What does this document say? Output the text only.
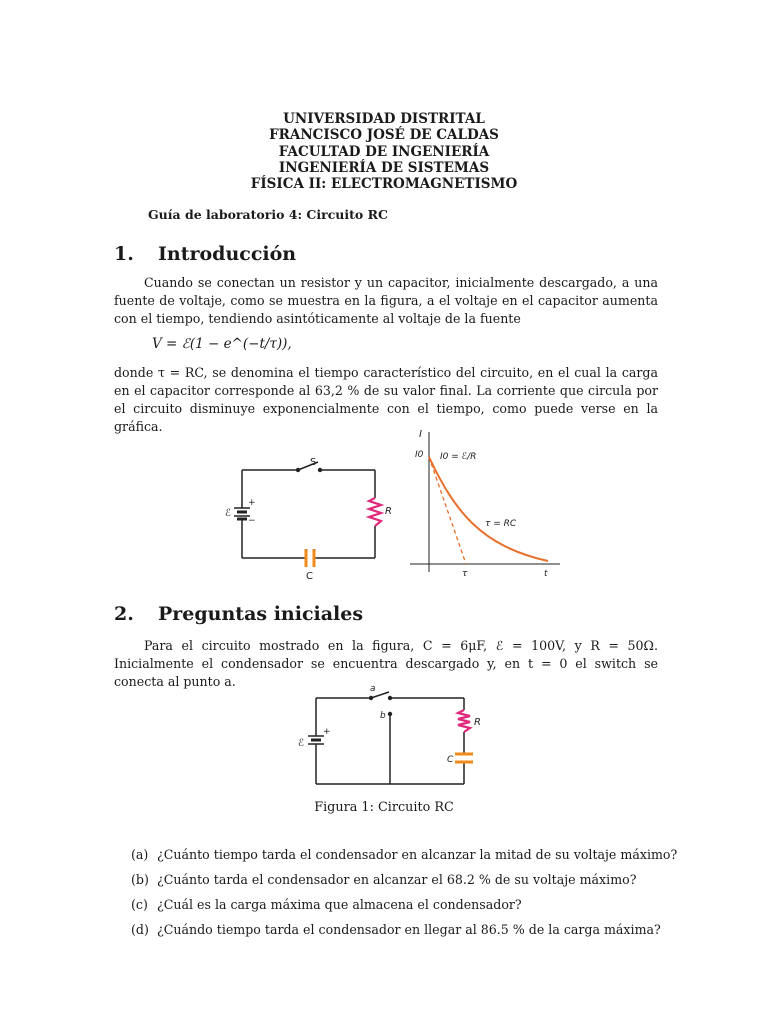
UNIVERSIDAD DISTRITAL
FRANCISCO JOSÉ DE CALDAS
FACULTAD DE INGENIERÍA
INGENIERÍA DE SISTEMAS
FÍSICA II: ELECTROMAGNETISMO
Guía de laboratorio 4: Circuito RC
1. Introducción
Cuando se conectan un resistor y un capacitor, inicialmente descargado, a una fuente de voltaje, como se muestra en la figura, a el voltaje en el capacitor aumenta con el tiempo, tendiendo asintóticamente al voltaje de la fuente
V = ℰ(1 − e^(−t/τ)),
donde τ = RC, se denomina el tiempo característico del circuito, en el cual la carga en el capacitor corresponde al 63,2 % de su valor final. La corriente que circula por el circuito disminuye exponencialmente con el tiempo, como puede verse en la gráfica.
S
ℰ
+
−
R
C
I
I0 I0 = ℰ/R
τ = RC
τ	t
2. Preguntas iniciales
Para el circuito mostrado en la figura, C = 6μF, ℰ = 100V, y R = 50Ω. Inicialmente el condensador se encuentra descargado y, en t = 0 el switch se conecta al punto a.	a
b
ℰ
+
R
C
Figura 1: Circuito RC
(a) ¿Cuánto tiempo tarda el condensador en alcanzar la mitad de su voltaje máximo?
(b) ¿Cuánto tarda el condensador en alcanzar el 68.2 % de su voltaje máximo?
(c) ¿Cuál es la carga máxima que almacena el condensador?
(d) ¿Cuándo tiempo tarda el condensador en llegar al 86.5 % de la carga máxima?
